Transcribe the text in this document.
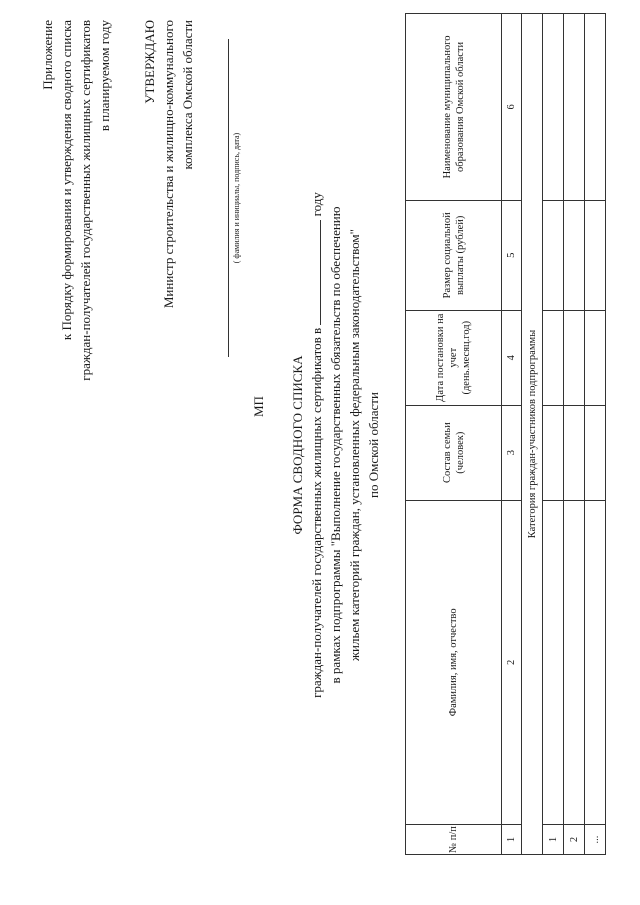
Приложение к Порядку формирования и утверждения сводного списка граждан-получателей государственных жилищных сертификатов в планируемом году УТВЕРЖДАЮ Министр строительства и жилищно-коммунального комплекса Омской области
( фамилия и инициалы, подпись, дата)
МП ФОРМА СВОДНОГО СПИСКА граждан-получателей государственных жилищных сертификатов в  году
в рамках подпрограммы "Выполнение государственных обязательств по обеспечению жильем категорий граждан, установленных федеральным законодательством" по Омской области
№ п/п	Фамилия, имя, отчество	Состав семьи (человек)	Дата постановки на учет (день.месяц.год)	Размер социальной выплаты (рублей)	Наименование муниципального образования Омской области
1	2	3	4	5	6
Категория граждан-участников подпрограммы					
1					
2					
...					
